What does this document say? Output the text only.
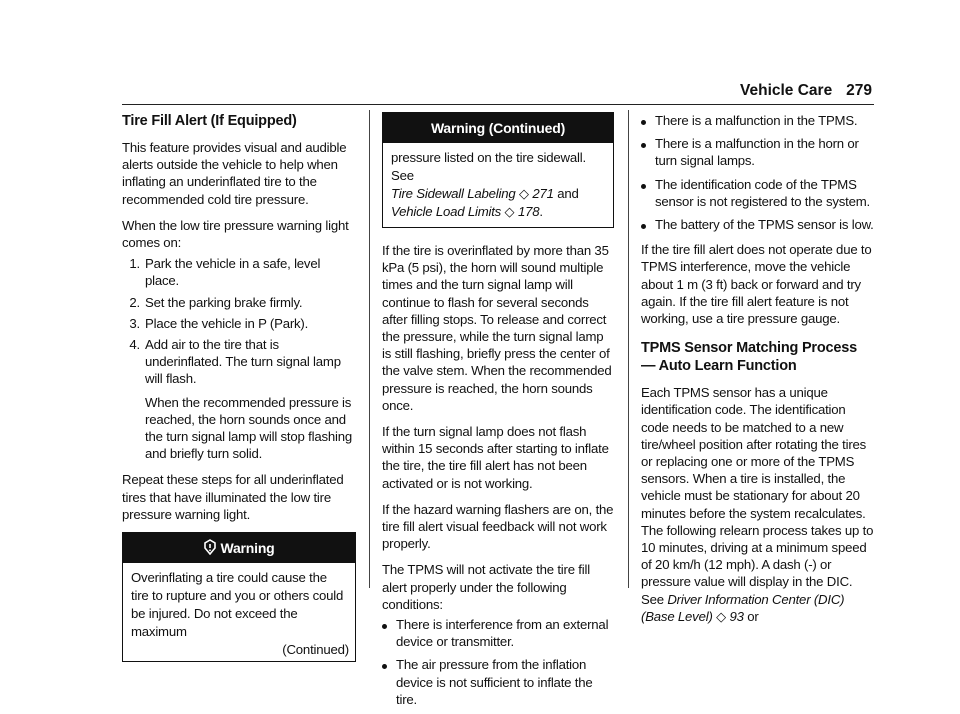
Vehicle Care 279
Tire Fill Alert (If Equipped)

This feature provides visual and audible alerts outside the vehicle to help when inflating an underinflated tire to the recommended cold tire pressure.

When the low tire pressure warning light comes on:

1. Park the vehicle in a safe, level place.
2. Set the parking brake firmly.
3. Place the vehicle in P (Park).
4. Add air to the tire that is underinflated. The turn signal lamp will flash.
When the recommended pressure is reached, the horn sounds once and the turn signal lamp will stop flashing and briefly turn solid.

Repeat these steps for all underinflated tires that have illuminated the low tire pressure warning light.

Warning
Overinflating a tire could cause the tire to rupture and you or others could be injured. Do not exceed the maximum
(Continued)
Warning (Continued)
pressure listed on the tire sidewall. See
Tire Sidewall Labeling ◇ 271 and
Vehicle Load Limits ◇ 178.

If the tire is overinflated by more than 35 kPa (5 psi), the horn will sound multiple times and the turn signal lamp will continue to flash for several seconds after filling stops. To release and correct the pressure, while the turn signal lamp is still flashing, briefly press the center of the valve stem. When the recommended pressure is reached, the horn sounds once.

If the turn signal lamp does not flash within 15 seconds after starting to inflate the tire, the tire fill alert has not been activated or is not working.

If the hazard warning flashers are on, the tire fill alert visual feedback will not work properly.

The TPMS will not activate the tire fill alert properly under the following conditions:

There is interference from an external device or transmitter.
The air pressure from the inflation device is not sufficient to inflate the tire.
There is a malfunction in the TPMS.
There is a malfunction in the horn or turn signal lamps.
The identification code of the TPMS sensor is not registered to the system.
The battery of the TPMS sensor is low.

If the tire fill alert does not operate due to TPMS interference, move the vehicle about 1 m (3 ft) back or forward and try again. If the tire fill alert feature is not working, use a tire pressure gauge.

TPMS Sensor Matching Process — Auto Learn Function

Each TPMS sensor has a unique identification code. The identification code needs to be matched to a new tire/wheel position after rotating the tires or replacing one or more of the TPMS sensors. When a tire is installed, the vehicle must be stationary for about 20 minutes before the system recalculates. The following relearn process takes up to 10 minutes, driving at a minimum speed of 20 km/h (12 mph). A dash (-) or pressure value will display in the DIC. See Driver Information Center (DIC) (Base Level) ◇ 93 or
